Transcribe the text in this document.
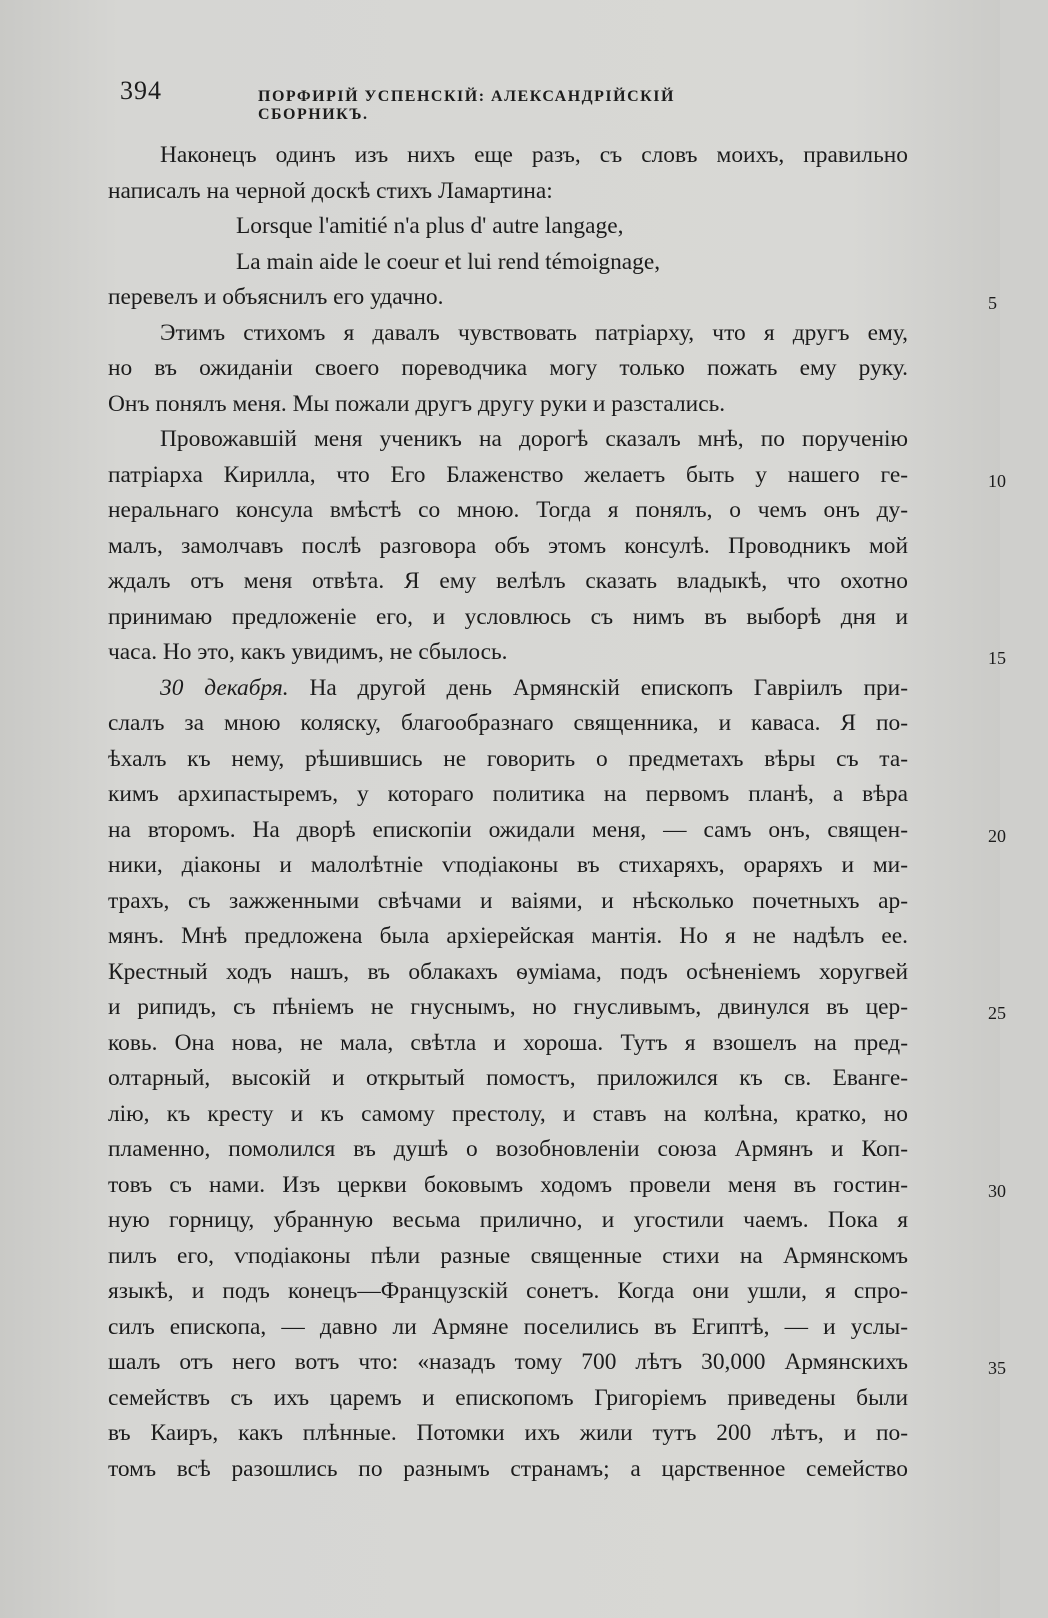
394	ПОРФИРІЙ УСПЕНСКІЙ: АЛЕКСАНДРІЙСКІЙ СБОРНИКЪ.
Наконецъ одинъ изъ нихъ еще разъ, съ словъ моихъ, правильно
написалъ на черной доскѣ стихъ Ламартина:
Lorsque l'amitié n'a plus d' autre langage,
La main aide le coeur et lui rend témoignage,
перевелъ и объяснилъ его удачно.
Этимъ стихомъ я давалъ чувствовать патріарху, что я другъ ему,
но въ ожиданіи своего пореводчика могу только пожать ему руку.
Онъ понялъ меня. Мы пожали другъ другу руки и разстались.
Провожавшій меня ученикъ на дорогѣ сказалъ мнѣ, по порученію
патріарха Кирилла, что Его Блаженство желаетъ быть у нашего ге-
неральнаго консула вмѣстѣ со мною. Тогда я понялъ, о чемъ онъ ду-
малъ, замолчавъ послѣ разговора объ этомъ консулѣ. Проводникъ мой
ждалъ отъ меня отвѣта. Я ему велѣлъ сказать владыкѣ, что охотно
принимаю предложеніе его, и условлюсь съ нимъ въ выборѣ дня и
часа. Но это, какъ увидимъ, не сбылось.
30 декабря. На другой день Армянскій епископъ Гавріилъ при-
слалъ за мною коляску, благообразнаго священника, и каваса. Я по-
ѣхалъ къ нему, рѣшившись не говорить о предметахъ вѣры съ та-
кимъ архипастыремъ, у котораго политика на первомъ планѣ, а вѣра
на второмъ. На дворѣ епископіи ожидали меня, — самъ онъ, священ-
ники, діаконы и малолѣтніе ѵподіаконы въ стихаряхъ, ораряхъ и ми-
трахъ, съ зажженными свѣчами и ваіями, и нѣсколько почетныхъ ар-
мянъ. Мнѣ предложена была архіерейская мантія. Но я не надѣлъ ее.
Крестный ходъ нашъ, въ облакахъ ѳуміама, подъ осѣненіемъ хоругвей
и рипидъ, съ пѣніемъ не гнуснымъ, но гнусливымъ, двинулся въ цер-
ковь. Она нова, не мала, свѣтла и хороша. Тутъ я взошелъ на пред-
олтарный, высокій и открытый помостъ, приложился къ св. Еванге-
лію, къ кресту и къ самому престолу, и ставъ на колѣна, кратко, но
пламенно, помолился въ душѣ о возобновленіи союза Армянъ и Коп-
товъ съ нами. Изъ церкви боковымъ ходомъ провели меня въ гостин-
ную горницу, убранную весьма прилично, и угостили чаемъ. Пока я
пилъ его, ѵподіаконы пѣли разные священные стихи на Армянскомъ
языкѣ, и подъ конецъ—Французскій сонетъ. Когда они ушли, я спро-
силъ епископа, — давно ли Армяне поселились въ Египтѣ, — и услы-
шалъ отъ него вотъ что: «назадъ тому 700 лѣтъ 30,000 Армянскихъ
семействъ съ ихъ царемъ и епископомъ Григоріемъ приведены были
въ Каиръ, какъ плѣнные. Потомки ихъ жили тутъ 200 лѣтъ, и по-
томъ всѣ разошлись по разнымъ странамъ; а царственное семейство
5
10
15
20
25
30
35
